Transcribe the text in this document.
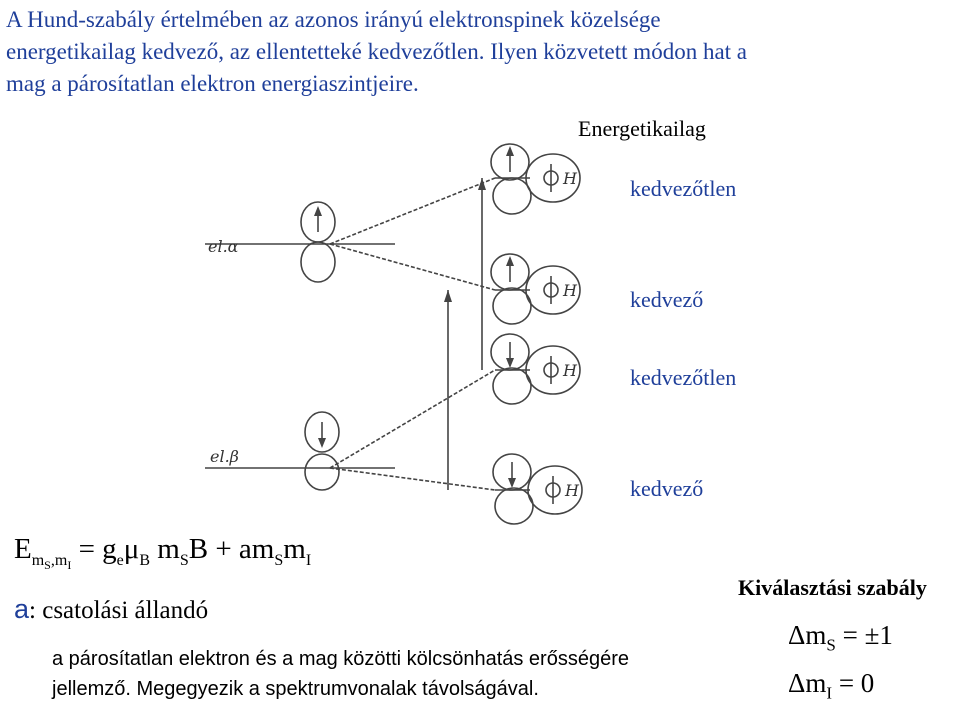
A Hund-szabály értelmében az azonos irányú elektronspinek közelsége
energetikailag kedvező, az ellentetteké kedvezőtlen. Ilyen közvetett módon hat a
mag a párosítatlan elektron energiaszintjeire.
Energetikailag
kedvezőtlen
kedvező
kedvezőtlen
kedvező
el.α
el.β
H
H
H
H
$E_{m_S,m_I} = g_e\mu_B$ $m_SB + am_Sm_I$
a: csatolási állandó
a párosítatlan elektron és a mag közötti kölcsönhatás erősségére
jellemző. Megegyezik a spektrumvonalak távolságával.
Kiválasztási szabály
$\Delta m_S = \pm 1$
$\Delta m_I = 0$
